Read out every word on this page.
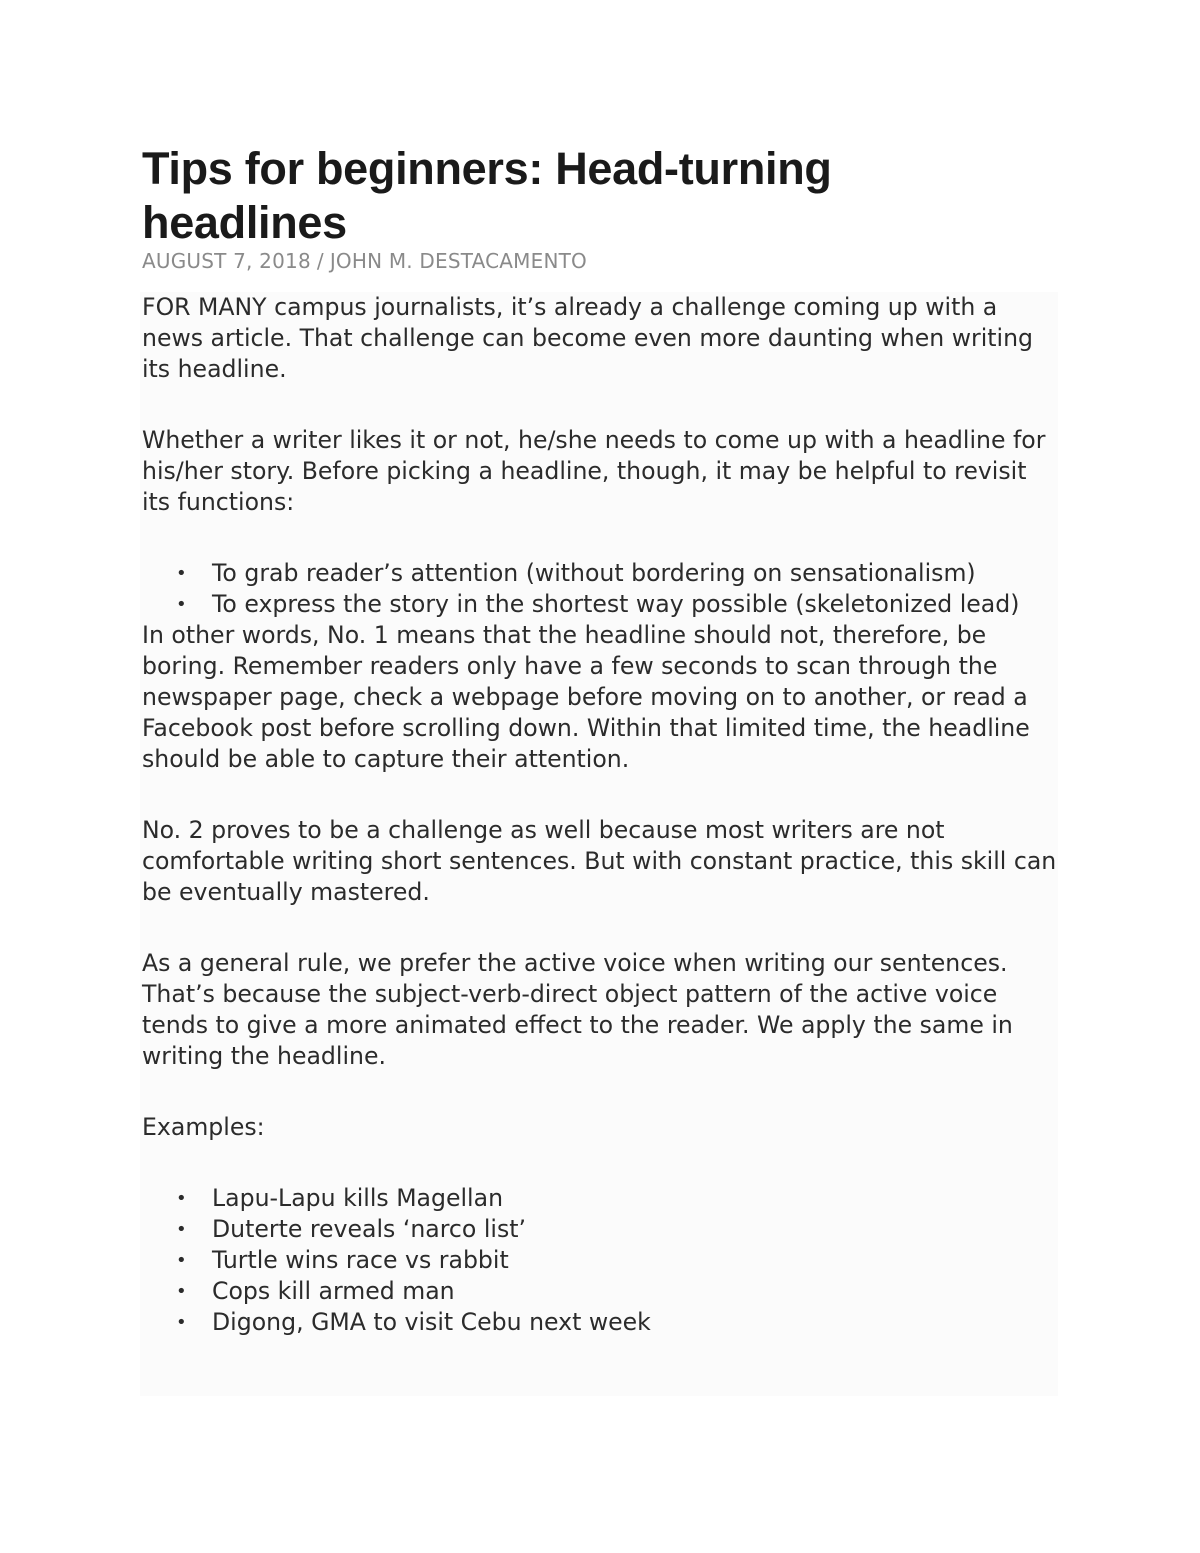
Tips for beginners: Head-turning headlines
AUGUST 7, 2018 / JOHN M. DESTACAMENTO

FOR MANY campus journalists, it’s already a challenge coming up with a news article. That challenge can become even more daunting when writing its headline.

Whether a writer likes it or not, he/she needs to come up with a headline for his/her story. Before picking a headline, though, it may be helpful to revisit its functions:

• To grab reader’s attention (without bordering on sensationalism)
• To express the story in the shortest way possible (skeletonized lead)

In other words, No. 1 means that the headline should not, therefore, be boring. Remember readers only have a few seconds to scan through the newspaper page, check a webpage before moving on to another, or read a Facebook post before scrolling down. Within that limited time, the headline should be able to capture their attention.

No. 2 proves to be a challenge as well because most writers are not comfortable writing short sentences. But with constant practice, this skill can be eventually mastered.

As a general rule, we prefer the active voice when writing our sentences. That’s because the subject-verb-direct object pattern of the active voice tends to give a more animated effect to the reader. We apply the same in writing the headline.

Examples:

• Lapu-Lapu kills Magellan
• Duterte reveals ‘narco list’
• Turtle wins race vs rabbit
• Cops kill armed man
• Digong, GMA to visit Cebu next week
